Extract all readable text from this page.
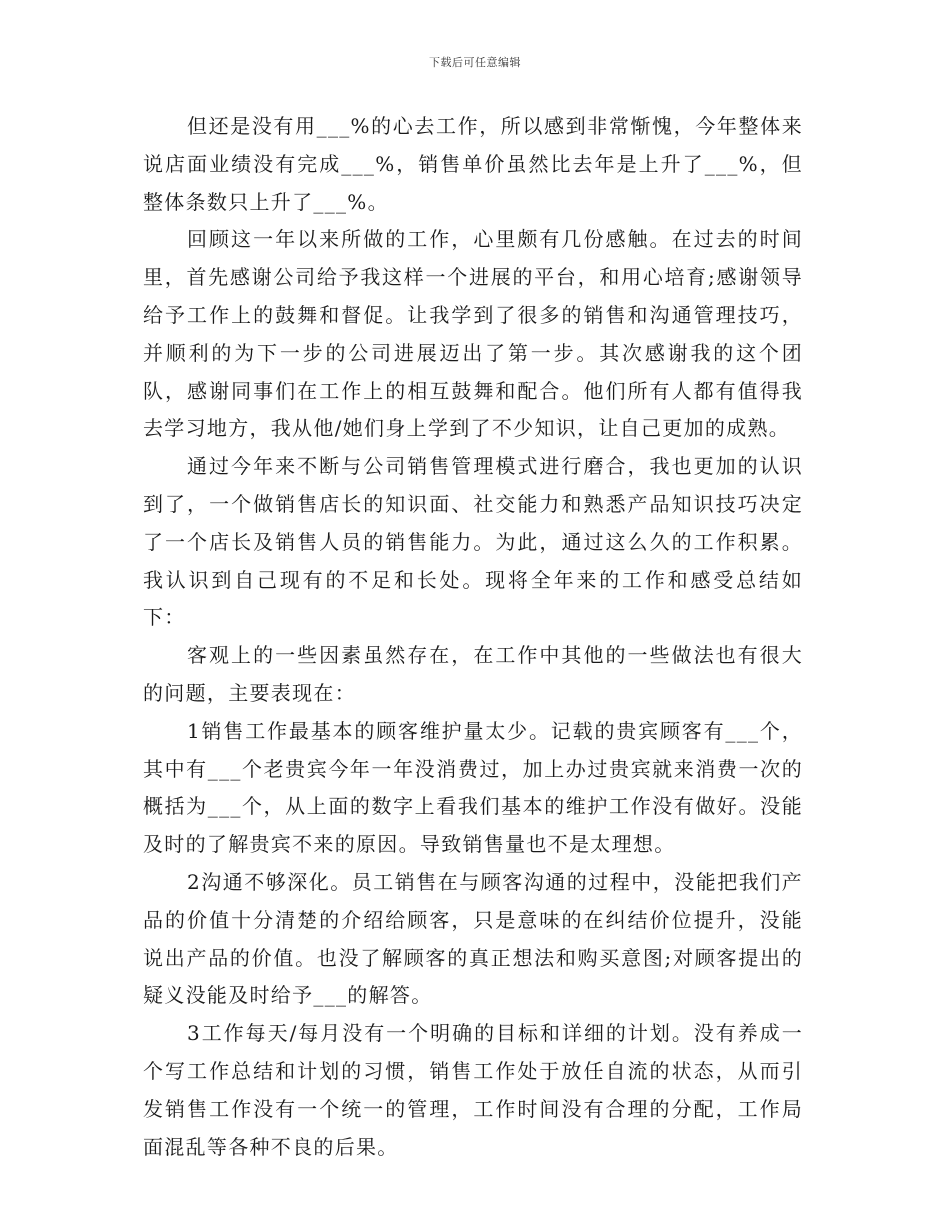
下载后可任意编辑

但还是没有用___%的心去工作，所以感到非常惭愧，今年整体来说店面业绩没有完成___%，销售单价虽然比去年是上升了___%，但整体条数只上升了___%。

回顾这一年以来所做的工作，心里颇有几份感触。在过去的时间里，首先感谢公司给予我这样一个进展的平台，和用心培育;感谢领导给予工作上的鼓舞和督促。让我学到了很多的销售和沟通管理技巧，并顺利的为下一步的公司进展迈出了第一步。其次感谢我的这个团队，感谢同事们在工作上的相互鼓舞和配合。他们所有人都有值得我去学习地方，我从他/她们身上学到了不少知识，让自己更加的成熟。

通过今年来不断与公司销售管理模式进行磨合，我也更加的认识到了，一个做销售店长的知识面、社交能力和熟悉产品知识技巧决定了一个店长及销售人员的销售能力。为此，通过这么久的工作积累。我认识到自己现有的不足和长处。现将全年来的工作和感受总结如下：

客观上的一些因素虽然存在，在工作中其他的一些做法也有很大的问题，主要表现在：

1销售工作最基本的顾客维护量太少。记载的贵宾顾客有___个，其中有___个老贵宾今年一年没消费过，加上办过贵宾就来消费一次的概括为___个，从上面的数字上看我们基本的维护工作没有做好。没能及时的了解贵宾不来的原因。导致销售量也不是太理想。

2沟通不够深化。员工销售在与顾客沟通的过程中，没能把我们产品的价值十分清楚的介绍给顾客，只是意味的在纠结价位提升，没能说出产品的价值。也没了解顾客的真正想法和购买意图;对顾客提出的疑义没能及时给予___的解答。

3工作每天/每月没有一个明确的目标和详细的计划。没有养成一个写工作总结和计划的习惯，销售工作处于放任自流的状态，从而引发销售工作没有一个统一的管理，工作时间没有合理的分配，工作局面混乱等各种不良的后果。
